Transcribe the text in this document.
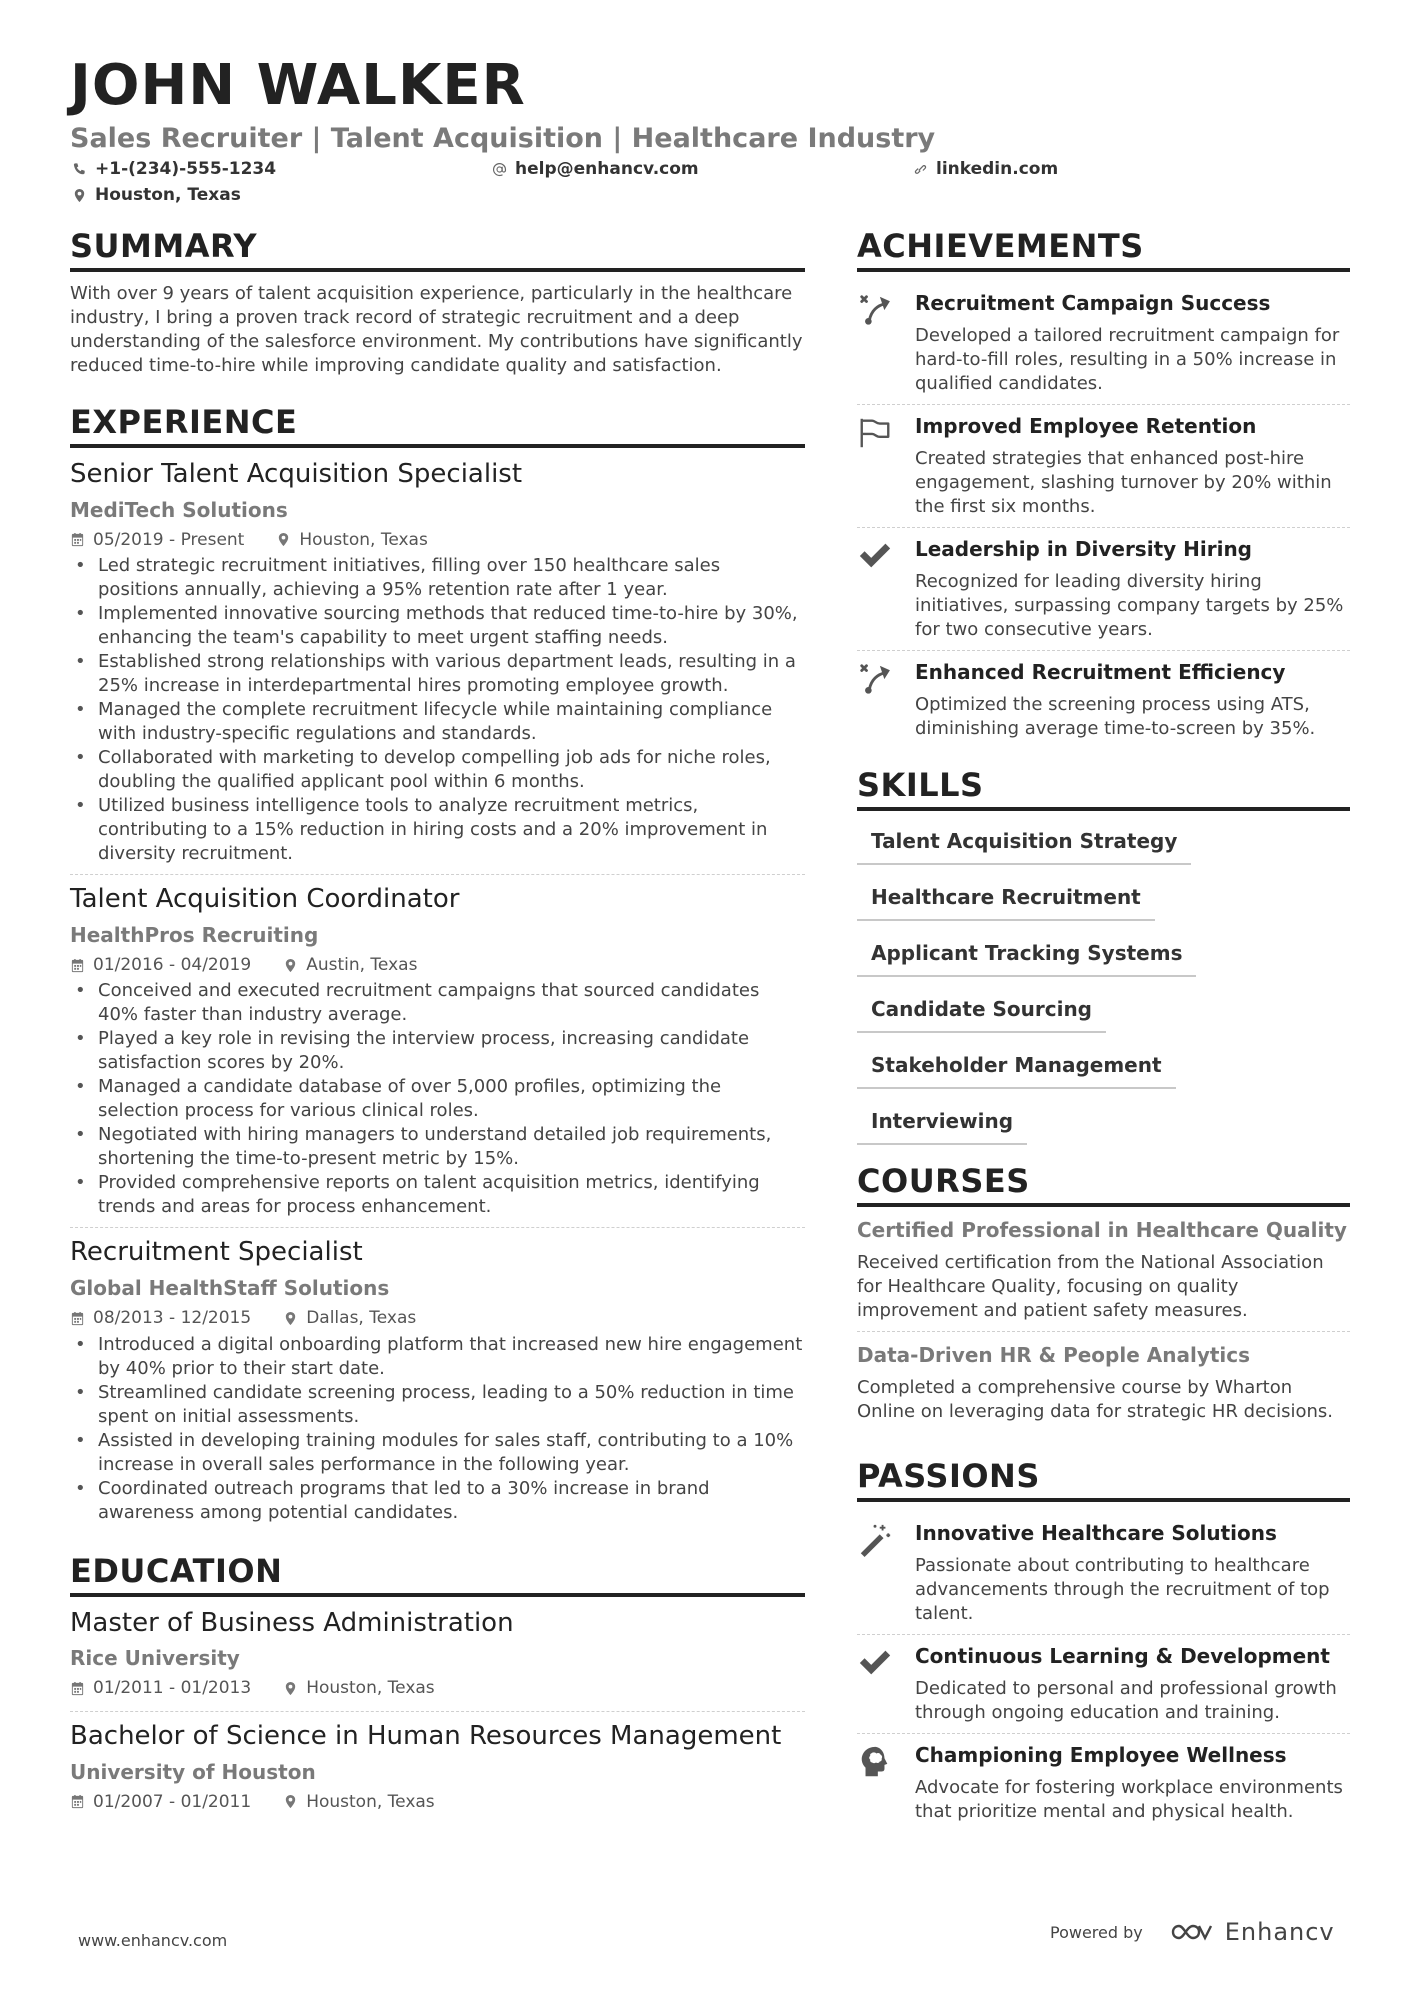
JOHN WALKER
Sales Recruiter | Talent Acquisition | Healthcare Industry
+1-(234)-555-1234	help@enhancv.com	linkedin.com
Houston, Texas
SUMMARY
With over 9 years of talent acquisition experience, particularly in the healthcare industry, I bring a proven track record of strategic recruitment and a deep understanding of the salesforce environment. My contributions have significantly reduced time-to-hire while improving candidate quality and satisfaction.
EXPERIENCE
Senior Talent Acquisition Specialist
MediTech Solutions
05/2019 - Present	Houston, Texas
• Led strategic recruitment initiatives, filling over 150 healthcare sales positions annually, achieving a 95% retention rate after 1 year.
• Implemented innovative sourcing methods that reduced time-to-hire by 30%, enhancing the team's capability to meet urgent staffing needs.
• Established strong relationships with various department leads, resulting in a 25% increase in interdepartmental hires promoting employee growth.
• Managed the complete recruitment lifecycle while maintaining compliance with industry-specific regulations and standards.
• Collaborated with marketing to develop compelling job ads for niche roles, doubling the qualified applicant pool within 6 months.
• Utilized business intelligence tools to analyze recruitment metrics, contributing to a 15% reduction in hiring costs and a 20% improvement in diversity recruitment.
Talent Acquisition Coordinator
HealthPros Recruiting
01/2016 - 04/2019	Austin, Texas
• Conceived and executed recruitment campaigns that sourced candidates 40% faster than industry average.
• Played a key role in revising the interview process, increasing candidate satisfaction scores by 20%.
• Managed a candidate database of over 5,000 profiles, optimizing the selection process for various clinical roles.
• Negotiated with hiring managers to understand detailed job requirements, shortening the time-to-present metric by 15%.
• Provided comprehensive reports on talent acquisition metrics, identifying trends and areas for process enhancement.
Recruitment Specialist
Global HealthStaff Solutions
08/2013 - 12/2015	Dallas, Texas
• Introduced a digital onboarding platform that increased new hire engagement by 40% prior to their start date.
• Streamlined candidate screening process, leading to a 50% reduction in time spent on initial assessments.
• Assisted in developing training modules for sales staff, contributing to a 10% increase in overall sales performance in the following year.
• Coordinated outreach programs that led to a 30% increase in brand awareness among potential candidates.
EDUCATION
Master of Business Administration
Rice University
01/2011 - 01/2013	Houston, Texas
Bachelor of Science in Human Resources Management
University of Houston
01/2007 - 01/2011	Houston, Texas
ACHIEVEMENTS
Recruitment Campaign Success
Developed a tailored recruitment campaign for hard-to-fill roles, resulting in a 50% increase in qualified candidates.
Improved Employee Retention
Created strategies that enhanced post-hire engagement, slashing turnover by 20% within the first six months.
Leadership in Diversity Hiring
Recognized for leading diversity hiring initiatives, surpassing company targets by 25% for two consecutive years.
Enhanced Recruitment Efficiency
Optimized the screening process using ATS, diminishing average time-to-screen by 35%.
SKILLS
Talent Acquisition Strategy
Healthcare Recruitment
Applicant Tracking Systems
Candidate Sourcing
Stakeholder Management
Interviewing
COURSES
Certified Professional in Healthcare Quality
Received certification from the National Association for Healthcare Quality, focusing on quality improvement and patient safety measures.
Data-Driven HR & People Analytics
Completed a comprehensive course by Wharton Online on leveraging data for strategic HR decisions.
PASSIONS
Innovative Healthcare Solutions
Passionate about contributing to healthcare advancements through the recruitment of top talent.
Continuous Learning & Development
Dedicated to personal and professional growth through ongoing education and training.
Championing Employee Wellness
Advocate for fostering workplace environments that prioritize mental and physical health.
www.enhancv.com	Powered by	Enhancv
